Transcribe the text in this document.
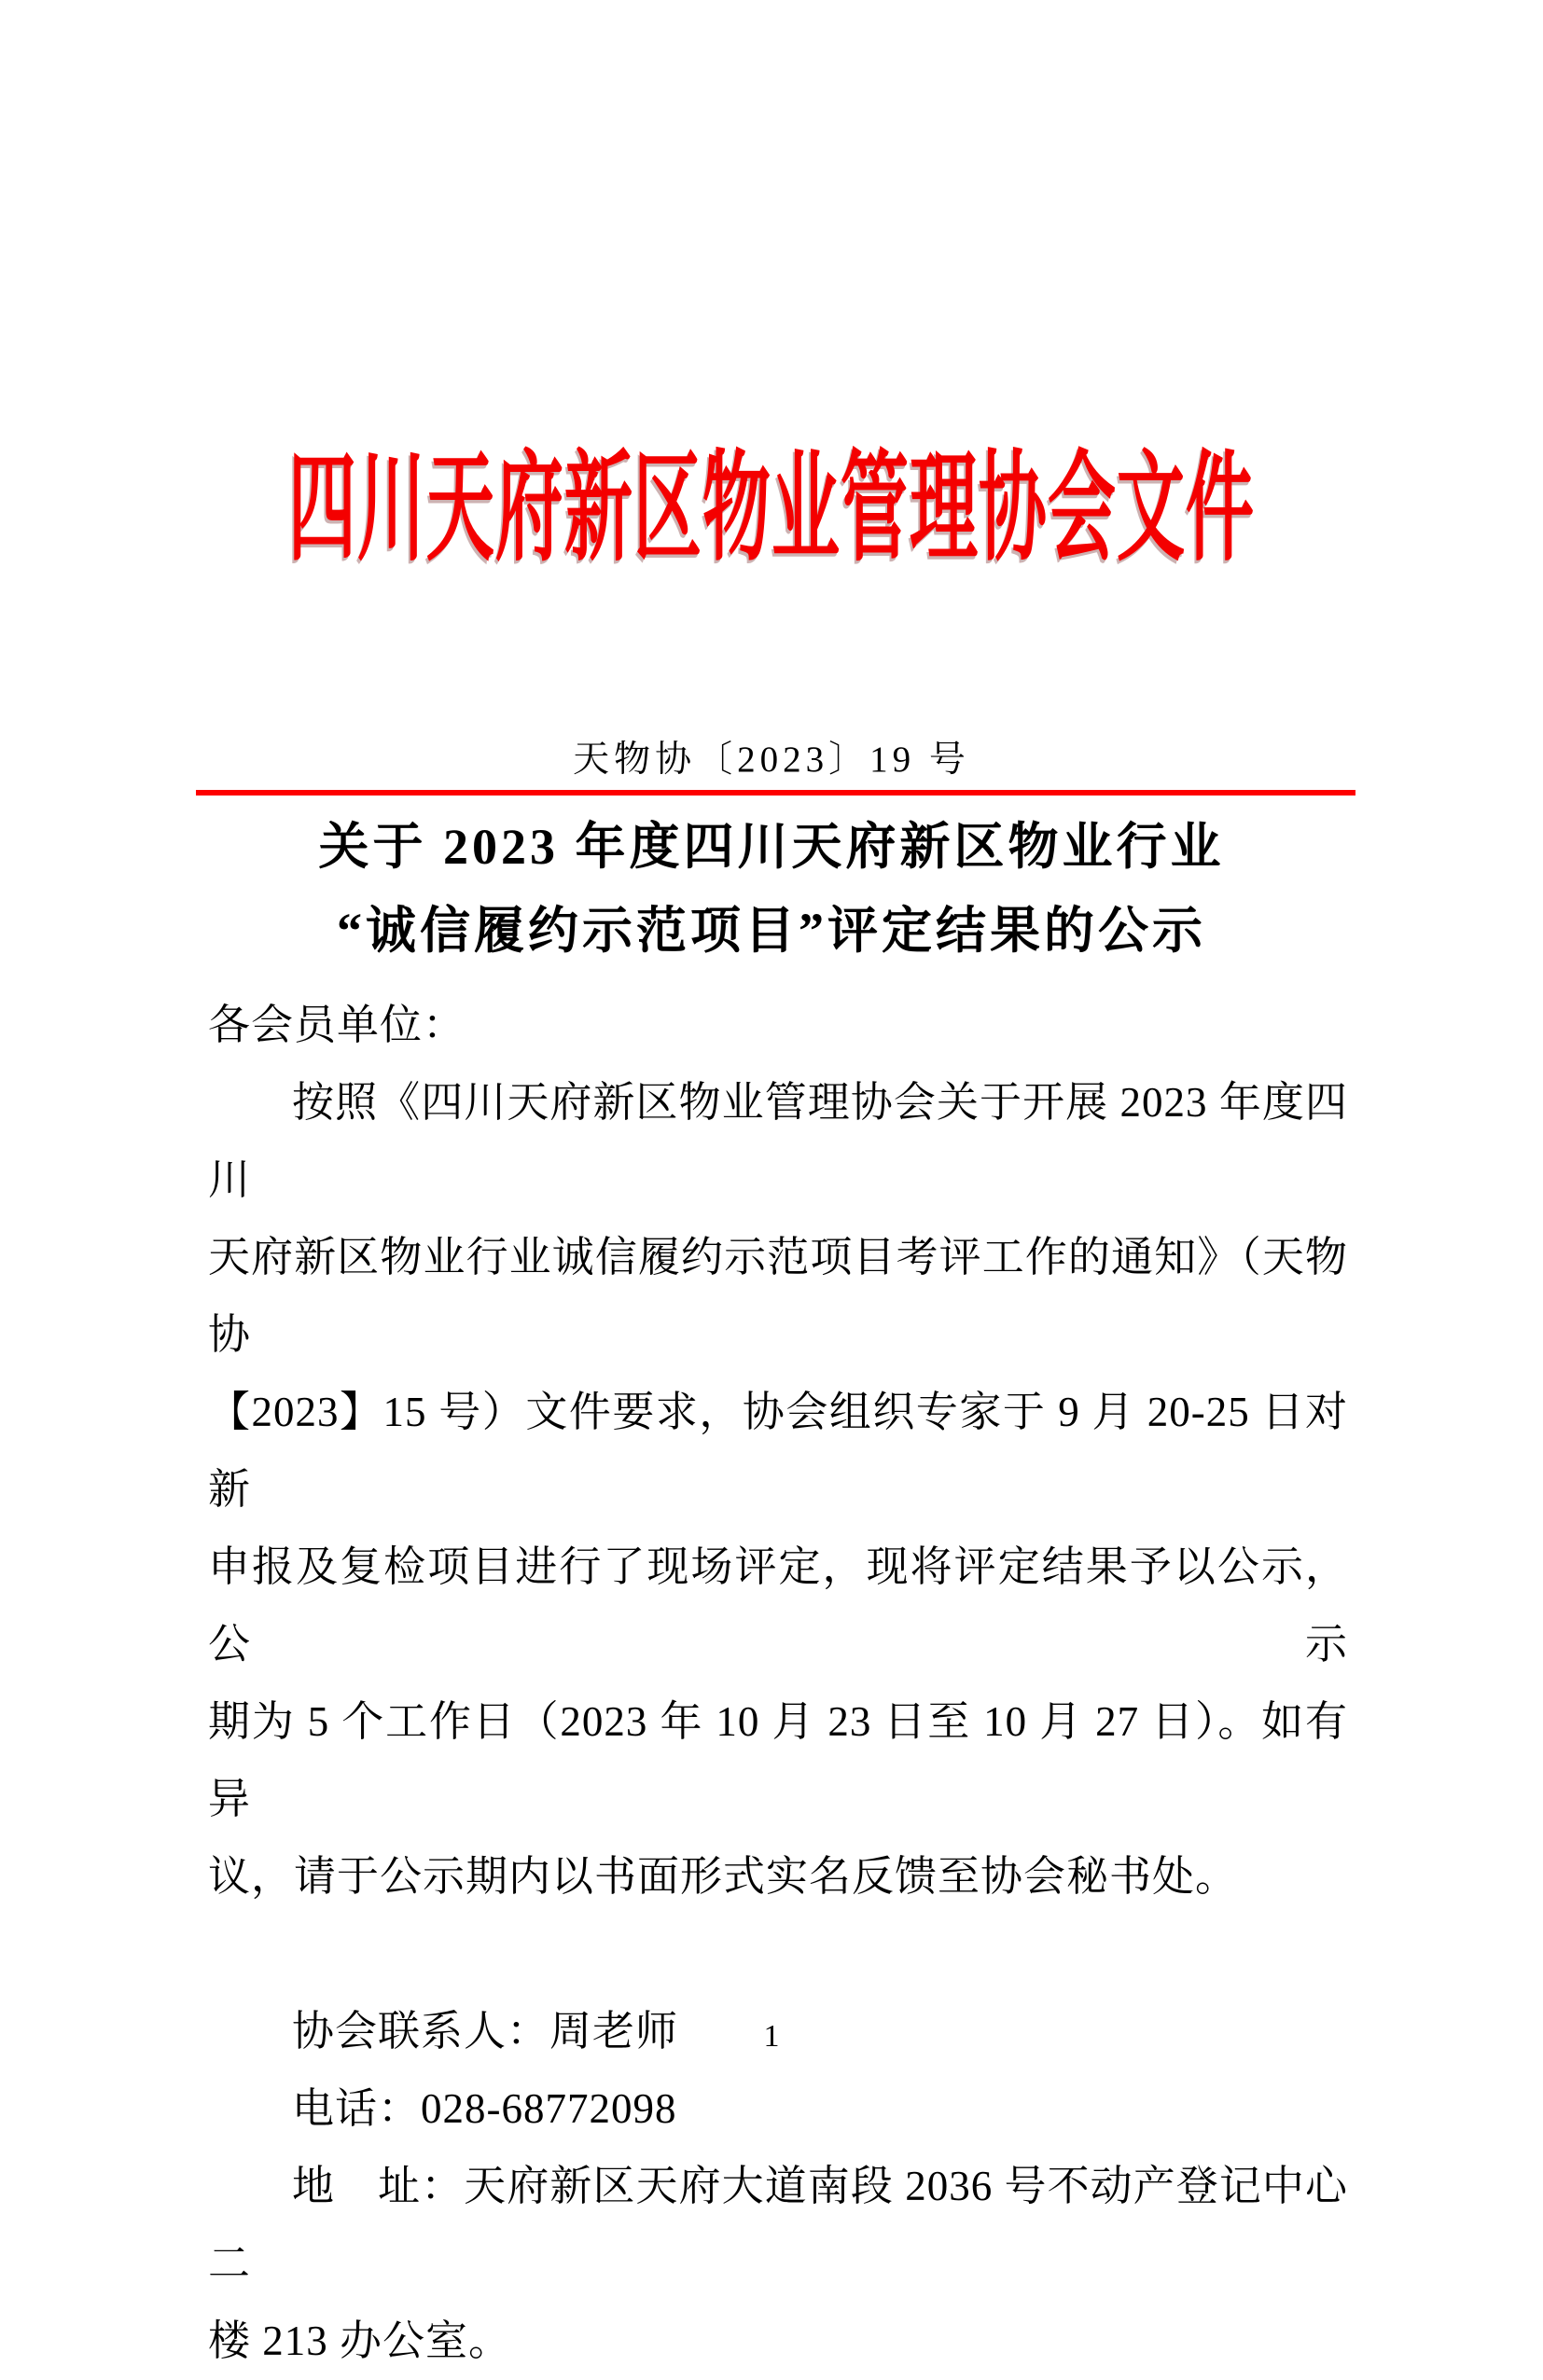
四川天府新区物业管理协会文件
天物协〔2023〕19 号
关于 2023 年度四川天府新区物业行业
“诚信履约示范项目”评定结果的公示
各会员单位：
按照《四川天府新区物业管理协会关于开展 2023 年度四川
天府新区物业行业诚信履约示范项目考评工作的通知》（天物协
【2023】15 号）文件要求，协会组织专家于 9 月 20-25 日对新
申报及复检项目进行了现场评定，现将评定结果予以公示，公示
期为 5 个工作日（2023 年 10 月 23 日至 10 月 27 日）。如有异
议，请于公示期内以书面形式实名反馈至协会秘书处。
协会联系人：周老师
电话：028-68772098
地　址：天府新区天府大道南段 2036 号不动产登记中心二
楼 213 办公室。
1
